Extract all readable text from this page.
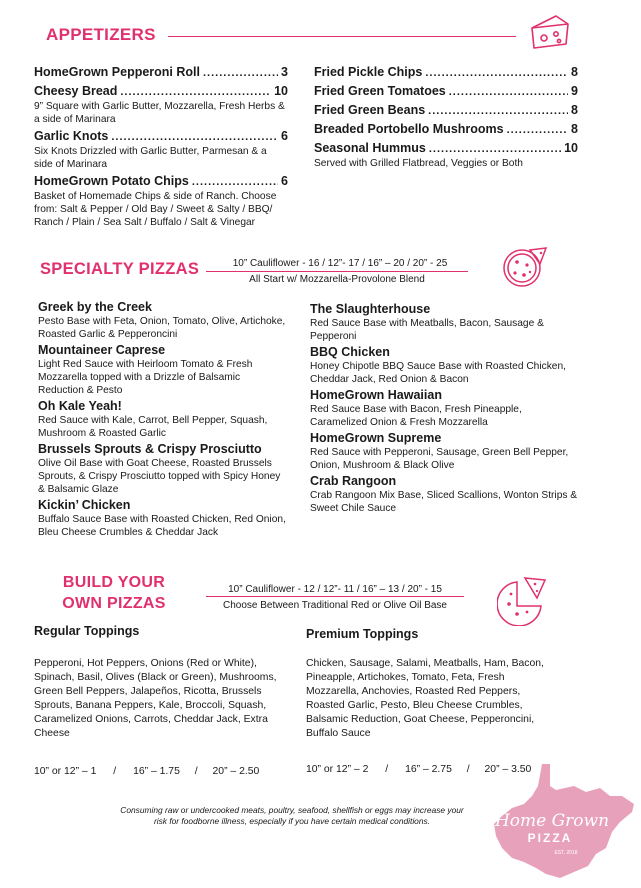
APPETIZERS
HomeGrown Pepperoni Roll .....	3
Cheesy Bread .....	10
9” Square with Garlic Butter, Mozzarella, Fresh Herbs & a side of Marinara
Garlic Knots .....	6
Six Knots Drizzled with Garlic Butter, Parmesan & a side of Marinara
HomeGrown Potato Chips .....	6
Basket of Homemade Chips & side of Ranch. Choose from: Salt & Pepper / Old Bay / Sweet & Salty / BBQ/ Ranch / Plain / Sea Salt / Buffalo / Salt & Vinegar
Fried Pickle Chips .....	8
Fried Green Tomatoes .....	9
Fried Green Beans .....	8
Breaded Portobello Mushrooms .....	8
Seasonal Hummus .....	10
Served with Grilled Flatbread, Veggies or Both
SPECIALTY PIZZAS	10” Cauliflower - 16 / 12”- 17 / 16” – 20 / 20” - 25
All Start w/ Mozzarella-Provolone Blend
Greek by the Creek
Pesto Base with Feta, Onion, Tomato, Olive, Artichoke, Roasted Garlic & Pepperoncini
Mountaineer Caprese
Light Red Sauce with Heirloom Tomato & Fresh Mozzarella topped with a Drizzle of Balsamic Reduction & Pesto
Oh Kale Yeah!
Red Sauce with Kale, Carrot, Bell Pepper, Squash, Mushroom & Roasted Garlic
Brussels Sprouts & Crispy Prosciutto
Olive Oil Base with Goat Cheese, Roasted Brussels Sprouts, & Crispy Prosciutto topped with Spicy Honey & Balsamic Glaze
Kickin’ Chicken
Buffalo Sauce Base with Roasted Chicken, Red Onion, Bleu Cheese Crumbles & Cheddar Jack
The Slaughterhouse
Red Sauce Base with Meatballs, Bacon, Sausage & Pepperoni
BBQ Chicken
Honey Chipotle BBQ Sauce Base with Roasted Chicken, Cheddar Jack, Red Onion & Bacon
HomeGrown Hawaiian
Red Sauce Base with Bacon, Fresh Pineapple, Caramelized Onion & Fresh Mozzarella
HomeGrown Supreme
Red Sauce with Pepperoni, Sausage, Green Bell Pepper, Onion, Mushroom & Black Olive
Crab Rangoon
Crab Rangoon Mix Base, Sliced Scallions, Wonton Strips & Sweet Chile Sauce
BUILD YOUR
OWN PIZZAS
10” Cauliflower - 12 / 12”- 11 / 16” – 13 / 20” - 15
Choose Between Traditional Red or Olive Oil Base
Regular Toppings
Pepperoni, Hot Peppers, Onions (Red or White), Spinach, Basil, Olives (Black or Green), Mushrooms, Green Bell Peppers, Jalapeños, Ricotta, Brussels Sprouts, Banana Peppers, Kale, Broccoli, Squash, Caramelized Onions, Carrots, Cheddar Jack, Extra Cheese
10” or 12” – 1 / 16” – 1.75 / 20” – 2.50
Premium Toppings
Chicken, Sausage, Salami, Meatballs, Ham, Bacon, Pineapple, Artichokes, Tomato, Feta, Fresh Mozzarella, Anchovies, Roasted Red Peppers, Roasted Garlic, Pesto, Bleu Cheese Crumbles, Balsamic Reduction, Goat Cheese, Pepperoncini, Buffalo Sauce
10” or 12” – 2 / 16” – 2.75 / 20” – 3.50
Consuming raw or undercooked meats, poultry, seafood, shellfish or eggs may increase your
risk for foodborne illness, especially if you have certain medical conditions.	Home Grown
PIZZA
EST. 2018
